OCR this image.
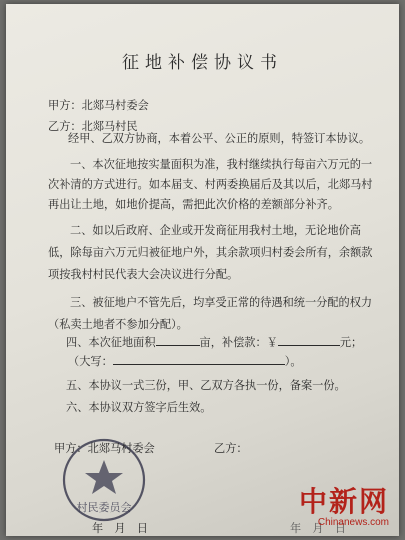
征地补偿协议书
甲方：北郯马村委会
乙方：北郯马村民
经甲、乙双方协商，本着公平、公正的原则，特签订本协议。
一、本次征地按实量面积为准，我村继续执行每亩六万元的一次补清的方式进行。如本届支、村两委换届后及其以后，北郯马村再出让土地，如地价提高，需把此次价格的差额部分补齐。
二、如以后政府、企业或开发商征用我村土地，无论地价高低，除每亩六万元归被征地户外，其余款项归村委会所有，余额款项按我村村民代表大会决议进行分配。
三、被征地户不管先后，均享受正常的待遇和统一分配的权力（私卖土地者不参加分配）。
四、本次征地面积	亩，补偿款：￥	元；
（大写：	）。
五、本协议一式三份，甲、乙双方各执一份，备案一份。
六、本协议双方签字后生效。
村民委员会
甲方：北郯马村委会	乙方：
年　月　日	年　月　日
中新网
Chinanews.com
